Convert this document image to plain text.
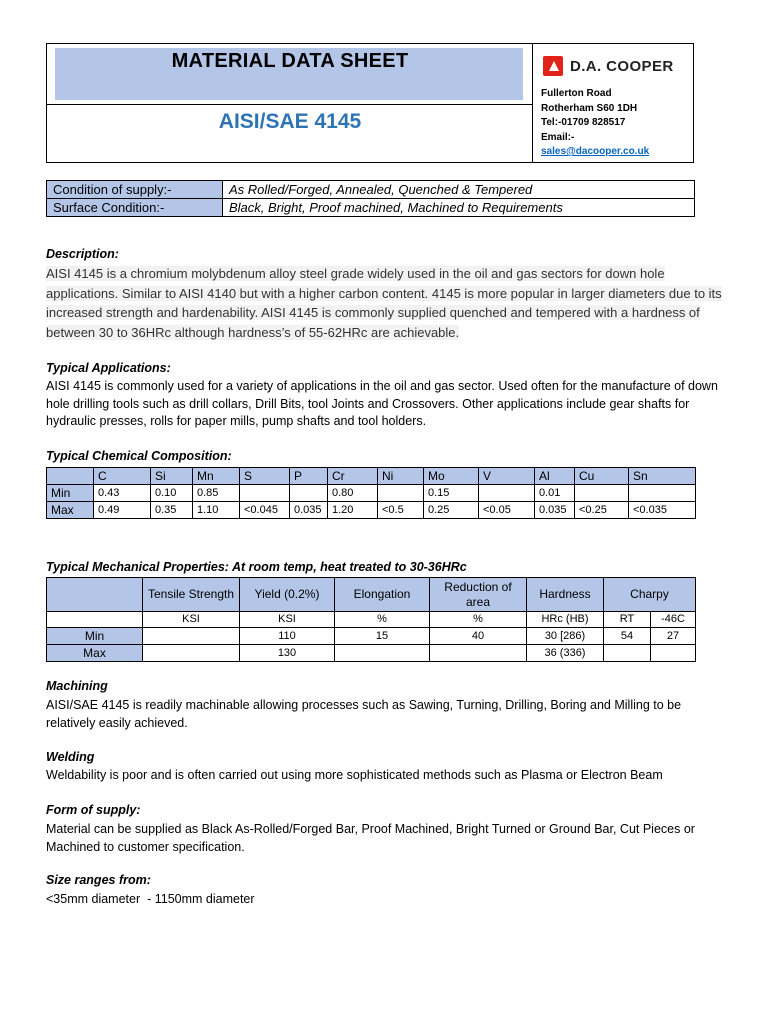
MATERIAL DATA SHEET
AISI/SAE 4145
D.A. COOPER
Fullerton Road
Rotherham S60 1DH
Tel:-01709 828517
Email:-
sales@dacooper.co.uk
Condition of supply:-	As Rolled/Forged, Annealed, Quenched & Tempered
Surface Condition:-	Black, Bright, Proof machined, Machined to Requirements
Description:
AISI 4145 is a chromium molybdenum alloy steel grade widely used in the oil and gas sectors for down hole applications. Similar to AISI 4140 but with a higher carbon content. 4145 is more popular in larger diameters due to its increased strength and hardenability. AISI 4145 is commonly supplied quenched and tempered with a hardness of between 30 to 36HRc although hardness’s of 55-62HRc are achievable.
Typical Applications:
AISI 4145 is commonly used for a variety of applications in the oil and gas sector. Used often for the manufacture of down hole drilling tools such as drill collars, Drill Bits, tool Joints and Crossovers. Other applications include gear shafts for hydraulic presses, rolls for paper mills, pump shafts and tool holders.
Typical Chemical Composition:
	C	Si	Mn	S	P	Cr	Ni	Mo	V	Al	Cu	Sn
Min	0.43	0.10	0.85			0.80		0.15		0.01		
Max	0.49	0.35	1.10	<0.045	0.035	1.20	<0.5	0.25	<0.05	0.035	<0.25	<0.035
Typical Mechanical Properties: At room temp, heat treated to 30-36HRc
	Tensile Strength	Yield (0.2%)	Elongation	Reduction of area	Hardness	Charpy	
	KSI	KSI	%	%	HRc (HB)	RT	-46C
Min		110	15	40	30 [286)	54	27
Max		130			36 (336)		
Machining
AISI/SAE 4145 is readily machinable allowing processes such as Sawing, Turning, Drilling, Boring and Milling to be relatively easily achieved.
Welding
Weldability is poor and is often carried out using more sophisticated methods such as Plasma or Electron Beam
Form of supply:
Material can be supplied as Black As-Rolled/Forged Bar, Proof Machined, Bright Turned or Ground Bar, Cut Pieces or Machined to customer specification.
Size ranges from:
<35mm diameter  - 1150mm diameter
